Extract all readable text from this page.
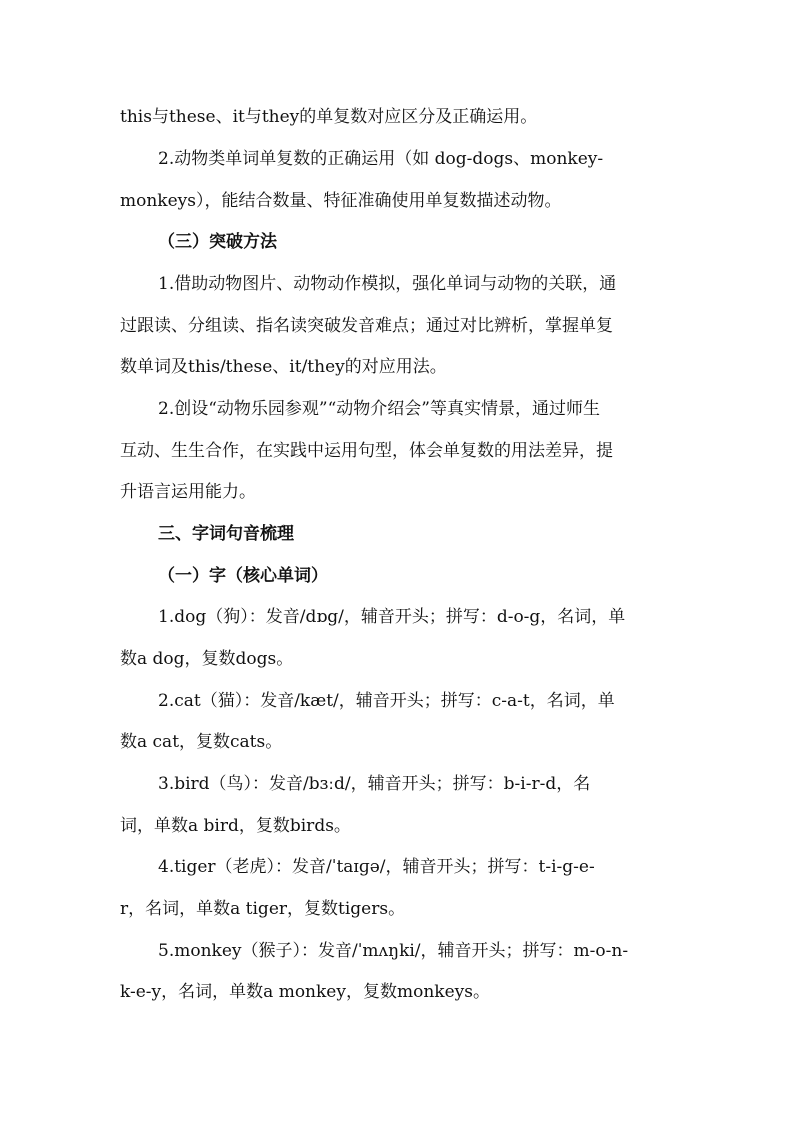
this与these、it与they的单复数对应区分及正确运用。
2.动物类单词单复数的正确运用（如 dog-dogs、monkey-
monkeys），能结合数量、特征准确使用单复数描述动物。
（三）突破方法
1.借助动物图片、动物动作模拟，强化单词与动物的关联，通
过跟读、分组读、指名读突破发音难点；通过对比辨析，掌握单复
数单词及this/these、it/they的对应用法。
2.创设“动物乐园参观”“动物介绍会”等真实情景，通过师生
互动、生生合作，在实践中运用句型，体会单复数的用法差异，提
升语言运用能力。
三、字词句音梳理
（一）字（核心单词）
1.dog（狗）：发音/dɒg/，辅音开头；拼写：d-o-g，名词，单
数a dog，复数dogs。
2.cat（猫）：发音/kæt/，辅音开头；拼写：c-a-t，名词，单
数a cat，复数cats。
3.bird（鸟）：发音/bɜːd/，辅音开头；拼写：b-i-r-d，名
词，单数a bird，复数birds。
4.tiger（老虎）：发音/ˈtaɪɡə/，辅音开头；拼写：t-i-g-e-
r，名词，单数a tiger，复数tigers。
5.monkey（猴子）：发音/ˈmʌŋki/，辅音开头；拼写：m-o-n-
k-e-y，名词，单数a monkey，复数monkeys。
